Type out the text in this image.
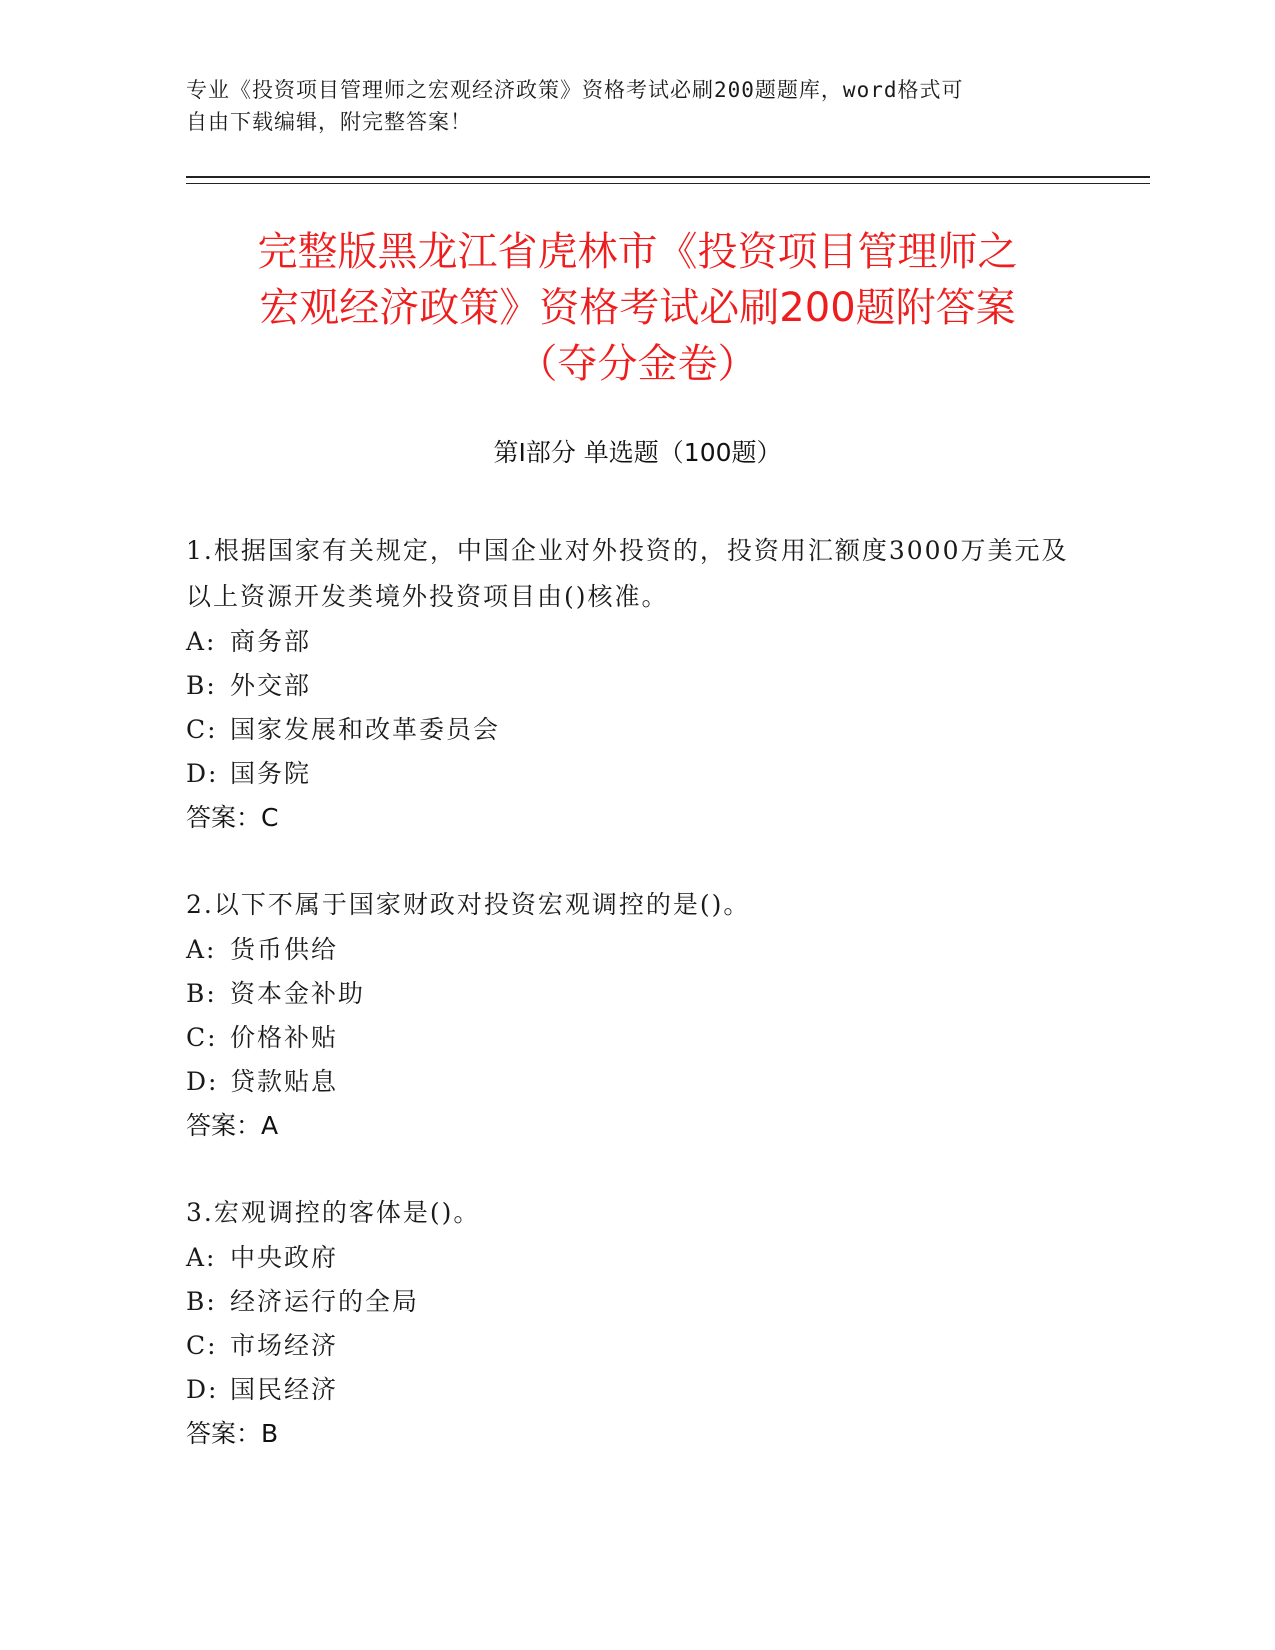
专业《投资项目管理师之宏观经济政策》资格考试必刷200题题库，word格式可
自由下载编辑，附完整答案！
完整版黑龙江省虎林市《投资项目管理师之
宏观经济政策》资格考试必刷200题附答案
（夺分金卷）
第Ⅰ部分 单选题（100题）

1.根据国家有关规定，中国企业对外投资的，投资用汇额度3000万美元及以上资源开发类境外投资项目由()核准。

A: 商务部

B: 外交部

C: 国家发展和改革委员会

D: 国务院

答案：C

2.以下不属于国家财政对投资宏观调控的是()。

A: 货币供给

B: 资本金补助

C: 价格补贴

D: 贷款贴息

答案：A

3.宏观调控的客体是()。

A: 中央政府

B: 经济运行的全局

C: 市场经济

D: 国民经济

答案：B
